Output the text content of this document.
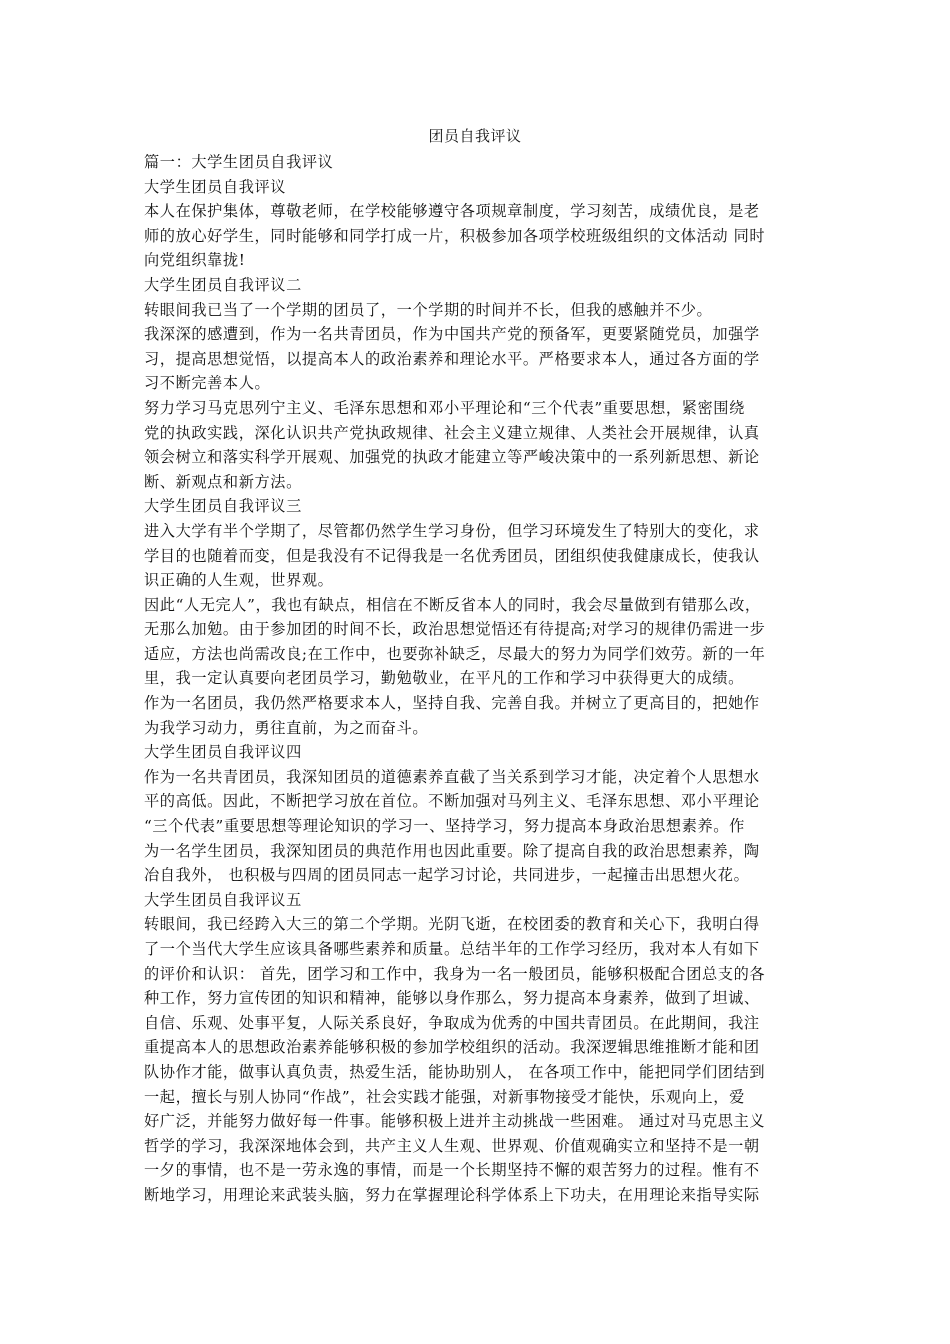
团员自我评议

篇一：大学生团员自我评议

大学生团员自我评议

本人在保护集体，尊敬老师，在学校能够遵守各项规章制度，学习刻苦，成绩优良，是老

师的放心好学生，同时能够和同学打成一片，积极参加各项学校班级组织的文体活动 同时

向党组织靠拢!

大学生团员自我评议二

转眼间我已当了一个学期的团员了，一个学期的时间并不长，但我的感触并不少。

我深深的感遭到，作为一名共青团员，作为中国共产党的预备军，更要紧随党员，加强学

习，提高思想觉悟，以提高本人的政治素养和理论水平。严格要求本人，通过各方面的学

习不断完善本人。

努力学习马克思列宁主义、毛泽东思想和邓小平理论和“三个代表”重要思想，紧密围绕

党的执政实践，深化认识共产党执政规律、社会主义建立规律、人类社会开展规律，认真

领会树立和落实科学开展观、加强党的执政才能建立等严峻决策中的一系列新思想、新论

断、新观点和新方法。

大学生团员自我评议三

进入大学有半个学期了，尽管都仍然学生学习身份，但学习环境发生了特别大的变化，求

学目的也随着而变，但是我没有不记得我是一名优秀团员，团组织使我健康成长，使我认

识正确的人生观，世界观。

因此“人无完人”，我也有缺点，相信在不断反省本人的同时，我会尽量做到有错那么改，

无那么加勉。由于参加团的时间不长，政治思想觉悟还有待提高;对学习的规律仍需进一步

适应，方法也尚需改良;在工作中，也要弥补缺乏，尽最大的努力为同学们效劳。新的一年

里，我一定认真要向老团员学习，勤勉敬业，在平凡的工作和学习中获得更大的成绩。

作为一名团员，我仍然严格要求本人，坚持自我、完善自我。并树立了更高目的，把她作

为我学习动力，勇往直前，为之而奋斗。

大学生团员自我评议四

作为一名共青团员，我深知团员的道德素养直截了当关系到学习才能，决定着个人思想水

平的高低。因此，不断把学习放在首位。不断加强对马列主义、毛泽东思想、邓小平理论

“三个代表”重要思想等理论知识的学习一、坚持学习，努力提高本身政治思想素养。作

为一名学生团员，我深知团员的典范作用也因此重要。除了提高自我的政治思想素养，陶

冶自我外， 也积极与四周的团员同志一起学习讨论，共同进步，一起撞击出思想火花。

大学生团员自我评议五

转眼间，我已经跨入大三的第二个学期。光阴飞逝，在校团委的教育和关心下，我明白得

了一个当代大学生应该具备哪些素养和质量。总结半年的工作学习经历，我对本人有如下

的评价和认识： 首先，团学习和工作中，我身为一名一般团员，能够积极配合团总支的各

种工作，努力宣传团的知识和精神，能够以身作那么，努力提高本身素养，做到了坦诚、

自信、乐观、处事平复，人际关系良好，争取成为优秀的中国共青团员。在此期间，我注

重提高本人的思想政治素养能够积极的参加学校组织的活动。我深逻辑思维推断才能和团

队协作才能，做事认真负责，热爱生活，能协助别人， 在各项工作中，能把同学们团结到

一起，擅长与别人协同“作战”，社会实践才能强，对新事物接受才能快，乐观向上，爱

好广泛，并能努力做好每一件事。能够积极上进并主动挑战一些困难。 通过对马克思主义

哲学的学习，我深深地体会到，共产主义人生观、世界观、价值观确实立和坚持不是一朝

一夕的事情，也不是一劳永逸的事情，而是一个长期坚持不懈的艰苦努力的过程。惟有不

断地学习，用理论来武装头脑，努力在掌握理论科学体系上下功夫，在用理论来指导实际
